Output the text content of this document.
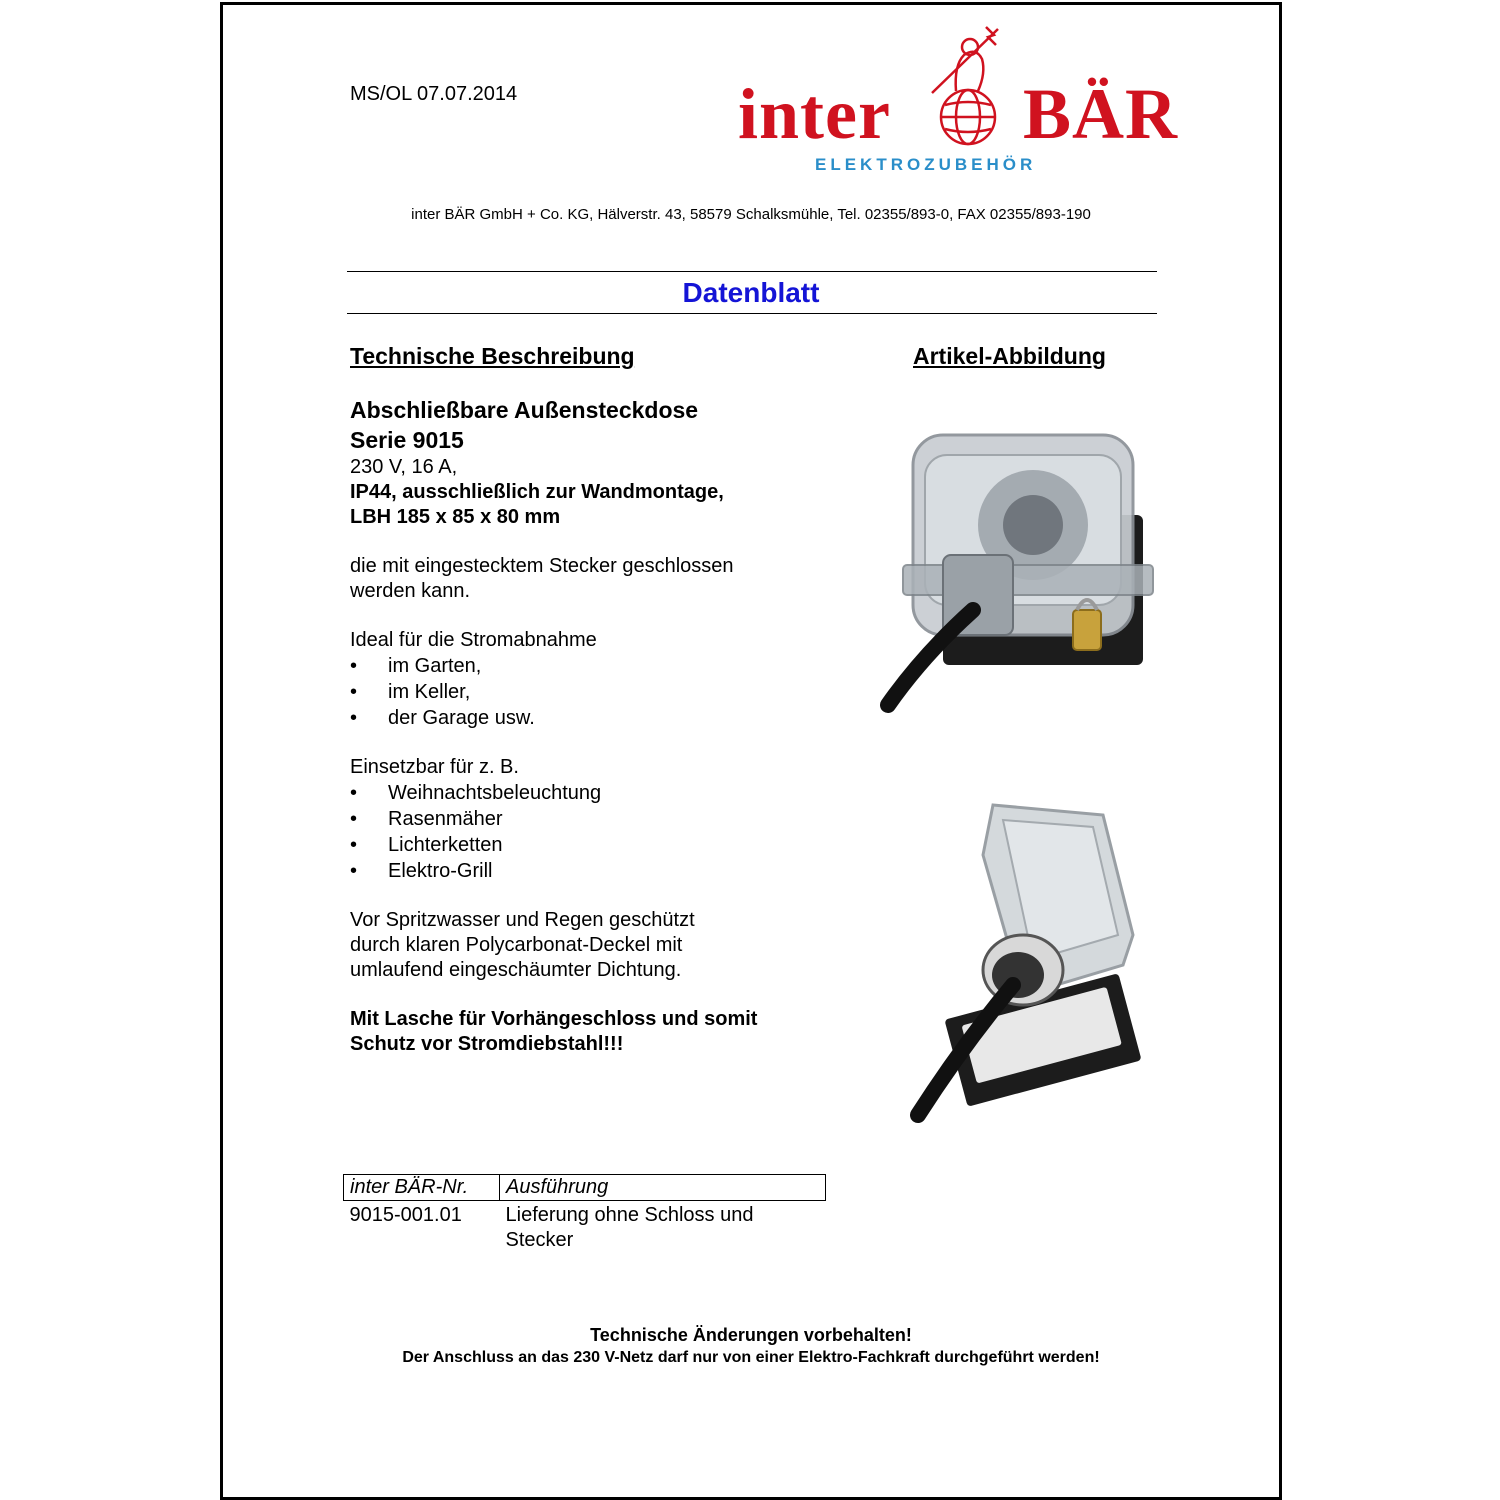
MS/OL 07.07.2014	inter BÄR
ELEKTROZUBEHÖR
inter BÄR GmbH + Co. KG, Hälverstr. 43, 58579 Schalksmühle, Tel. 02355/893-0, FAX 02355/893-190
Datenblatt
Technische Beschreibung	Artikel-Abbildung
Abschließbare Außensteckdose
Serie 9015
230 V, 16 A,
IP44, ausschließlich zur Wandmontage,
LBH 185 x 85 x 80 mm
die mit eingestecktem Stecker geschlossen
werden kann.
Ideal für die Stromabnahme
• im Garten,
• im Keller,
• der Garage usw.
Einsetzbar für z. B.
• Weihnachtsbeleuchtung
• Rasenmäher
• Lichterketten
• Elektro-Grill
Vor Spritzwasser und Regen geschützt
durch klaren Polycarbonat-Deckel mit
umlaufend eingeschäumter Dichtung.
Mit Lasche für Vorhängeschloss und somit
Schutz vor Stromdiebstahl!!!
inter BÄR-Nr.	Ausführung
9015-001.01	Lieferung ohne Schloss und
Stecker
Technische Änderungen vorbehalten!
Der Anschluss an das 230 V-Netz darf nur von einer Elektro-Fachkraft durchgeführt werden!
